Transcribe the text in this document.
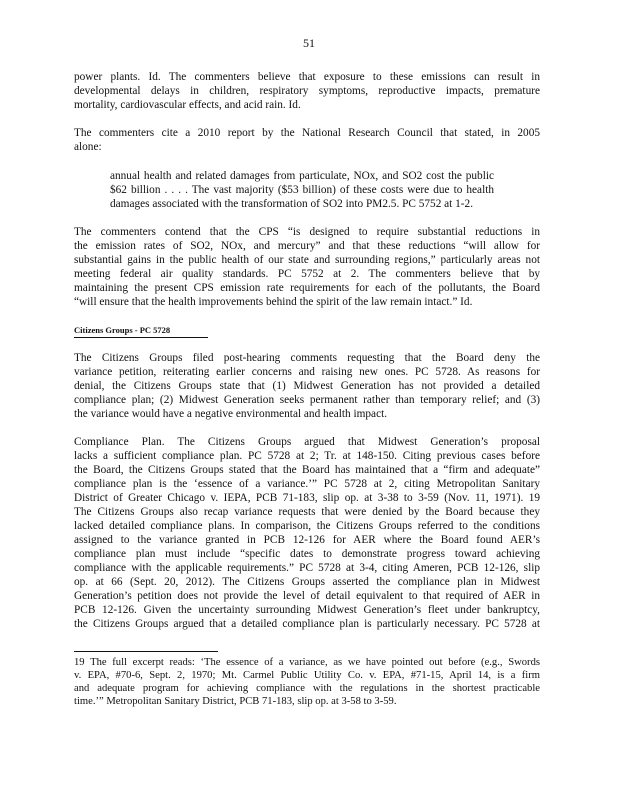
51
power plants. Id. The commenters believe that exposure to these emissions can result in
developmental delays in children, respiratory symptoms, reproductive impacts, premature
mortality, cardiovascular effects, and acid rain. Id.
The commenters cite a 2010 report by the National Research Council that stated, in 2005
alone:
annual health and related damages from particulate, NOx, and SO2 cost the public
$62 billion . . . . The vast majority ($53 billion) of these costs were due to health
damages associated with the transformation of SO2 into PM2.5. PC 5752 at 1-2.
The commenters contend that the CPS “is designed to require substantial reductions in
the emission rates of SO2, NOx, and mercury” and that these reductions “will allow for
substantial gains in the public health of our state and surrounding regions,” particularly areas not
meeting federal air quality standards. PC 5752 at 2. The commenters believe that by
maintaining the present CPS emission rate requirements for each of the pollutants, the Board
“will ensure that the health improvements behind the spirit of the law remain intact.” Id.
Citizens Groups - PC 5728
The Citizens Groups filed post-hearing comments requesting that the Board deny the
variance petition, reiterating earlier concerns and raising new ones. PC 5728. As reasons for
denial, the Citizens Groups state that (1) Midwest Generation has not provided a detailed
compliance plan; (2) Midwest Generation seeks permanent rather than temporary relief; and (3)
the variance would have a negative environmental and health impact.
Compliance Plan. The Citizens Groups argued that Midwest Generation’s proposal
lacks a sufficient compliance plan. PC 5728 at 2; Tr. at 148-150. Citing previous cases before
the Board, the Citizens Groups stated that the Board has maintained that a “firm and adequate”
compliance plan is the ‘essence of a variance.’” PC 5728 at 2, citing Metropolitan Sanitary
District of Greater Chicago v. IEPA, PCB 71-183, slip op. at 3-38 to 3-59 (Nov. 11, 1971). 19
The Citizens Groups also recap variance requests that were denied by the Board because they
lacked detailed compliance plans. In comparison, the Citizens Groups referred to the conditions
assigned to the variance granted in PCB 12-126 for AER where the Board found AER’s
compliance plan must include “specific dates to demonstrate progress toward achieving
compliance with the applicable requirements.” PC 5728 at 3-4, citing Ameren, PCB 12-126, slip
op. at 66 (Sept. 20, 2012). The Citizens Groups asserted the compliance plan in Midwest
Generation’s petition does not provide the level of detail equivalent to that required of AER in
PCB 12-126. Given the uncertainty surrounding Midwest Generation’s fleet under bankruptcy,
the Citizens Groups argued that a detailed compliance plan is particularly necessary. PC 5728 at
19 The full excerpt reads: ‘The essence of a variance, as we have pointed out before (e.g., Swords
v. EPA, #70-6, Sept. 2, 1970; Mt. Carmel Public Utility Co. v. EPA, #71-15, April 14, is a firm
and adequate program for achieving compliance with the regulations in the shortest practicable
time.’” Metropolitan Sanitary District, PCB 71-183, slip op. at 3-58 to 3-59.
